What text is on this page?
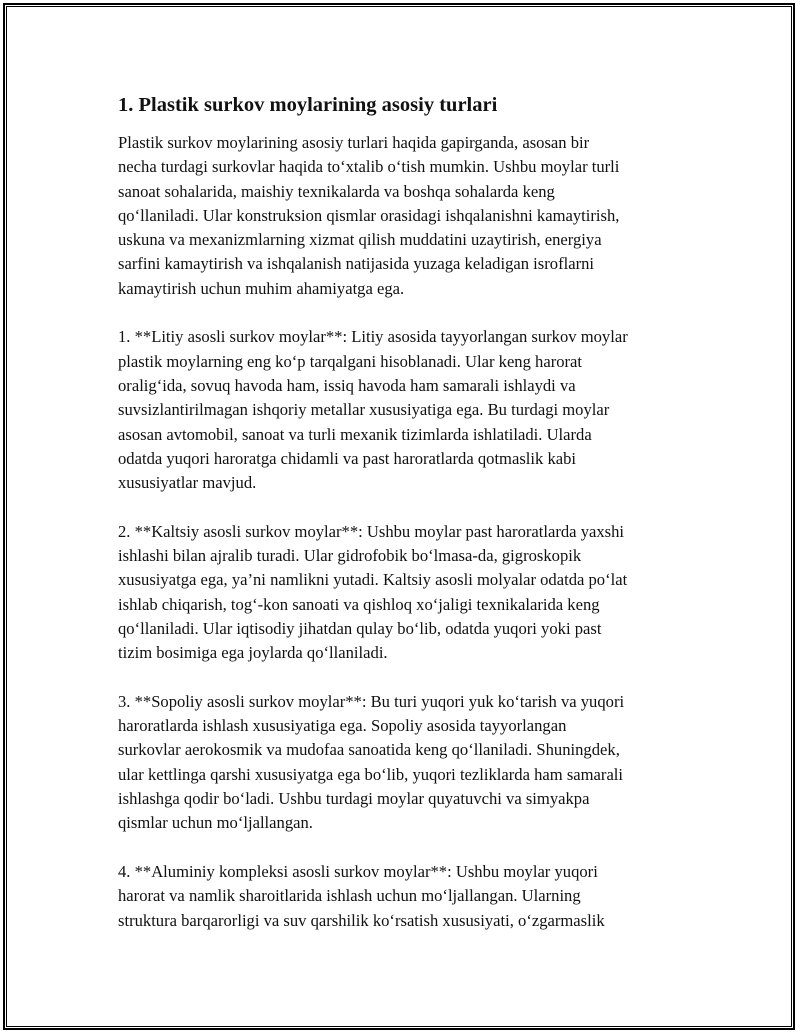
1. Plastik surkov moylarining asosiy turlari

Plastik surkov moylarining asosiy turlari haqida gapirganda, asosan bir
necha turdagi surkovlar haqida to‘xtalib o‘tish mumkin. Ushbu moylar turli
sanoat sohalarida, maishiy texnikalarda va boshqa sohalarda keng
qo‘llaniladi. Ular konstruksion qismlar orasidagi ishqalanishni kamaytirish,
uskuna va mexanizmlarning xizmat qilish muddatini uzaytirish, energiya
sarfini kamaytirish va ishqalanish natijasida yuzaga keladigan isroflarni
kamaytirish uchun muhim ahamiyatga ega.

1. **Litiy asosli surkov moylar**: Litiy asosida tayyorlangan surkov moylar
plastik moylarning eng ko‘p tarqalgani hisoblanadi. Ular keng harorat
oralig‘ida, sovuq havoda ham, issiq havoda ham samarali ishlaydi va
suvsizlantirilmagan ishqoriy metallar xususiyatiga ega. Bu turdagi moylar
asosan avtomobil, sanoat va turli mexanik tizimlarda ishlatiladi. Ularda
odatda yuqori haroratga chidamli va past haroratlarda qotmaslik kabi
xususiyatlar mavjud.

2. **Kaltsiy asosli surkov moylar**: Ushbu moylar past haroratlarda yaxshi
ishlashi bilan ajralib turadi. Ular gidrofobik bo‘lmasa-da, gigroskopik
xususiyatga ega, ya’ni namlikni yutadi. Kaltsiy asosli molyalar odatda po‘lat
ishlab chiqarish, tog‘-kon sanoati va qishloq xo‘jaligi texnikalarida keng
qo‘llaniladi. Ular iqtisodiy jihatdan qulay bo‘lib, odatda yuqori yoki past
tizim bosimiga ega joylarda qo‘llaniladi.

3. **Sopoliy asosli surkov moylar**: Bu turi yuqori yuk ko‘tarish va yuqori
haroratlarda ishlash xususiyatiga ega. Sopoliy asosida tayyorlangan
surkovlar aerokosmik va mudofaa sanoatida keng qo‘llaniladi. Shuningdek,
ular kettlinga qarshi xususiyatga ega bo‘lib, yuqori tezliklarda ham samarali
ishlashga qodir bo‘ladi. Ushbu turdagi moylar quyatuvchi va simyakpa
qismlar uchun mo‘ljallangan.

4. **Aluminiy kompleksi asosli surkov moylar**: Ushbu moylar yuqori
harorat va namlik sharoitlarida ishlash uchun mo‘ljallangan. Ularning
struktura barqarorligi va suv qarshilik ko‘rsatish xususiyati, o‘zgarmaslik
